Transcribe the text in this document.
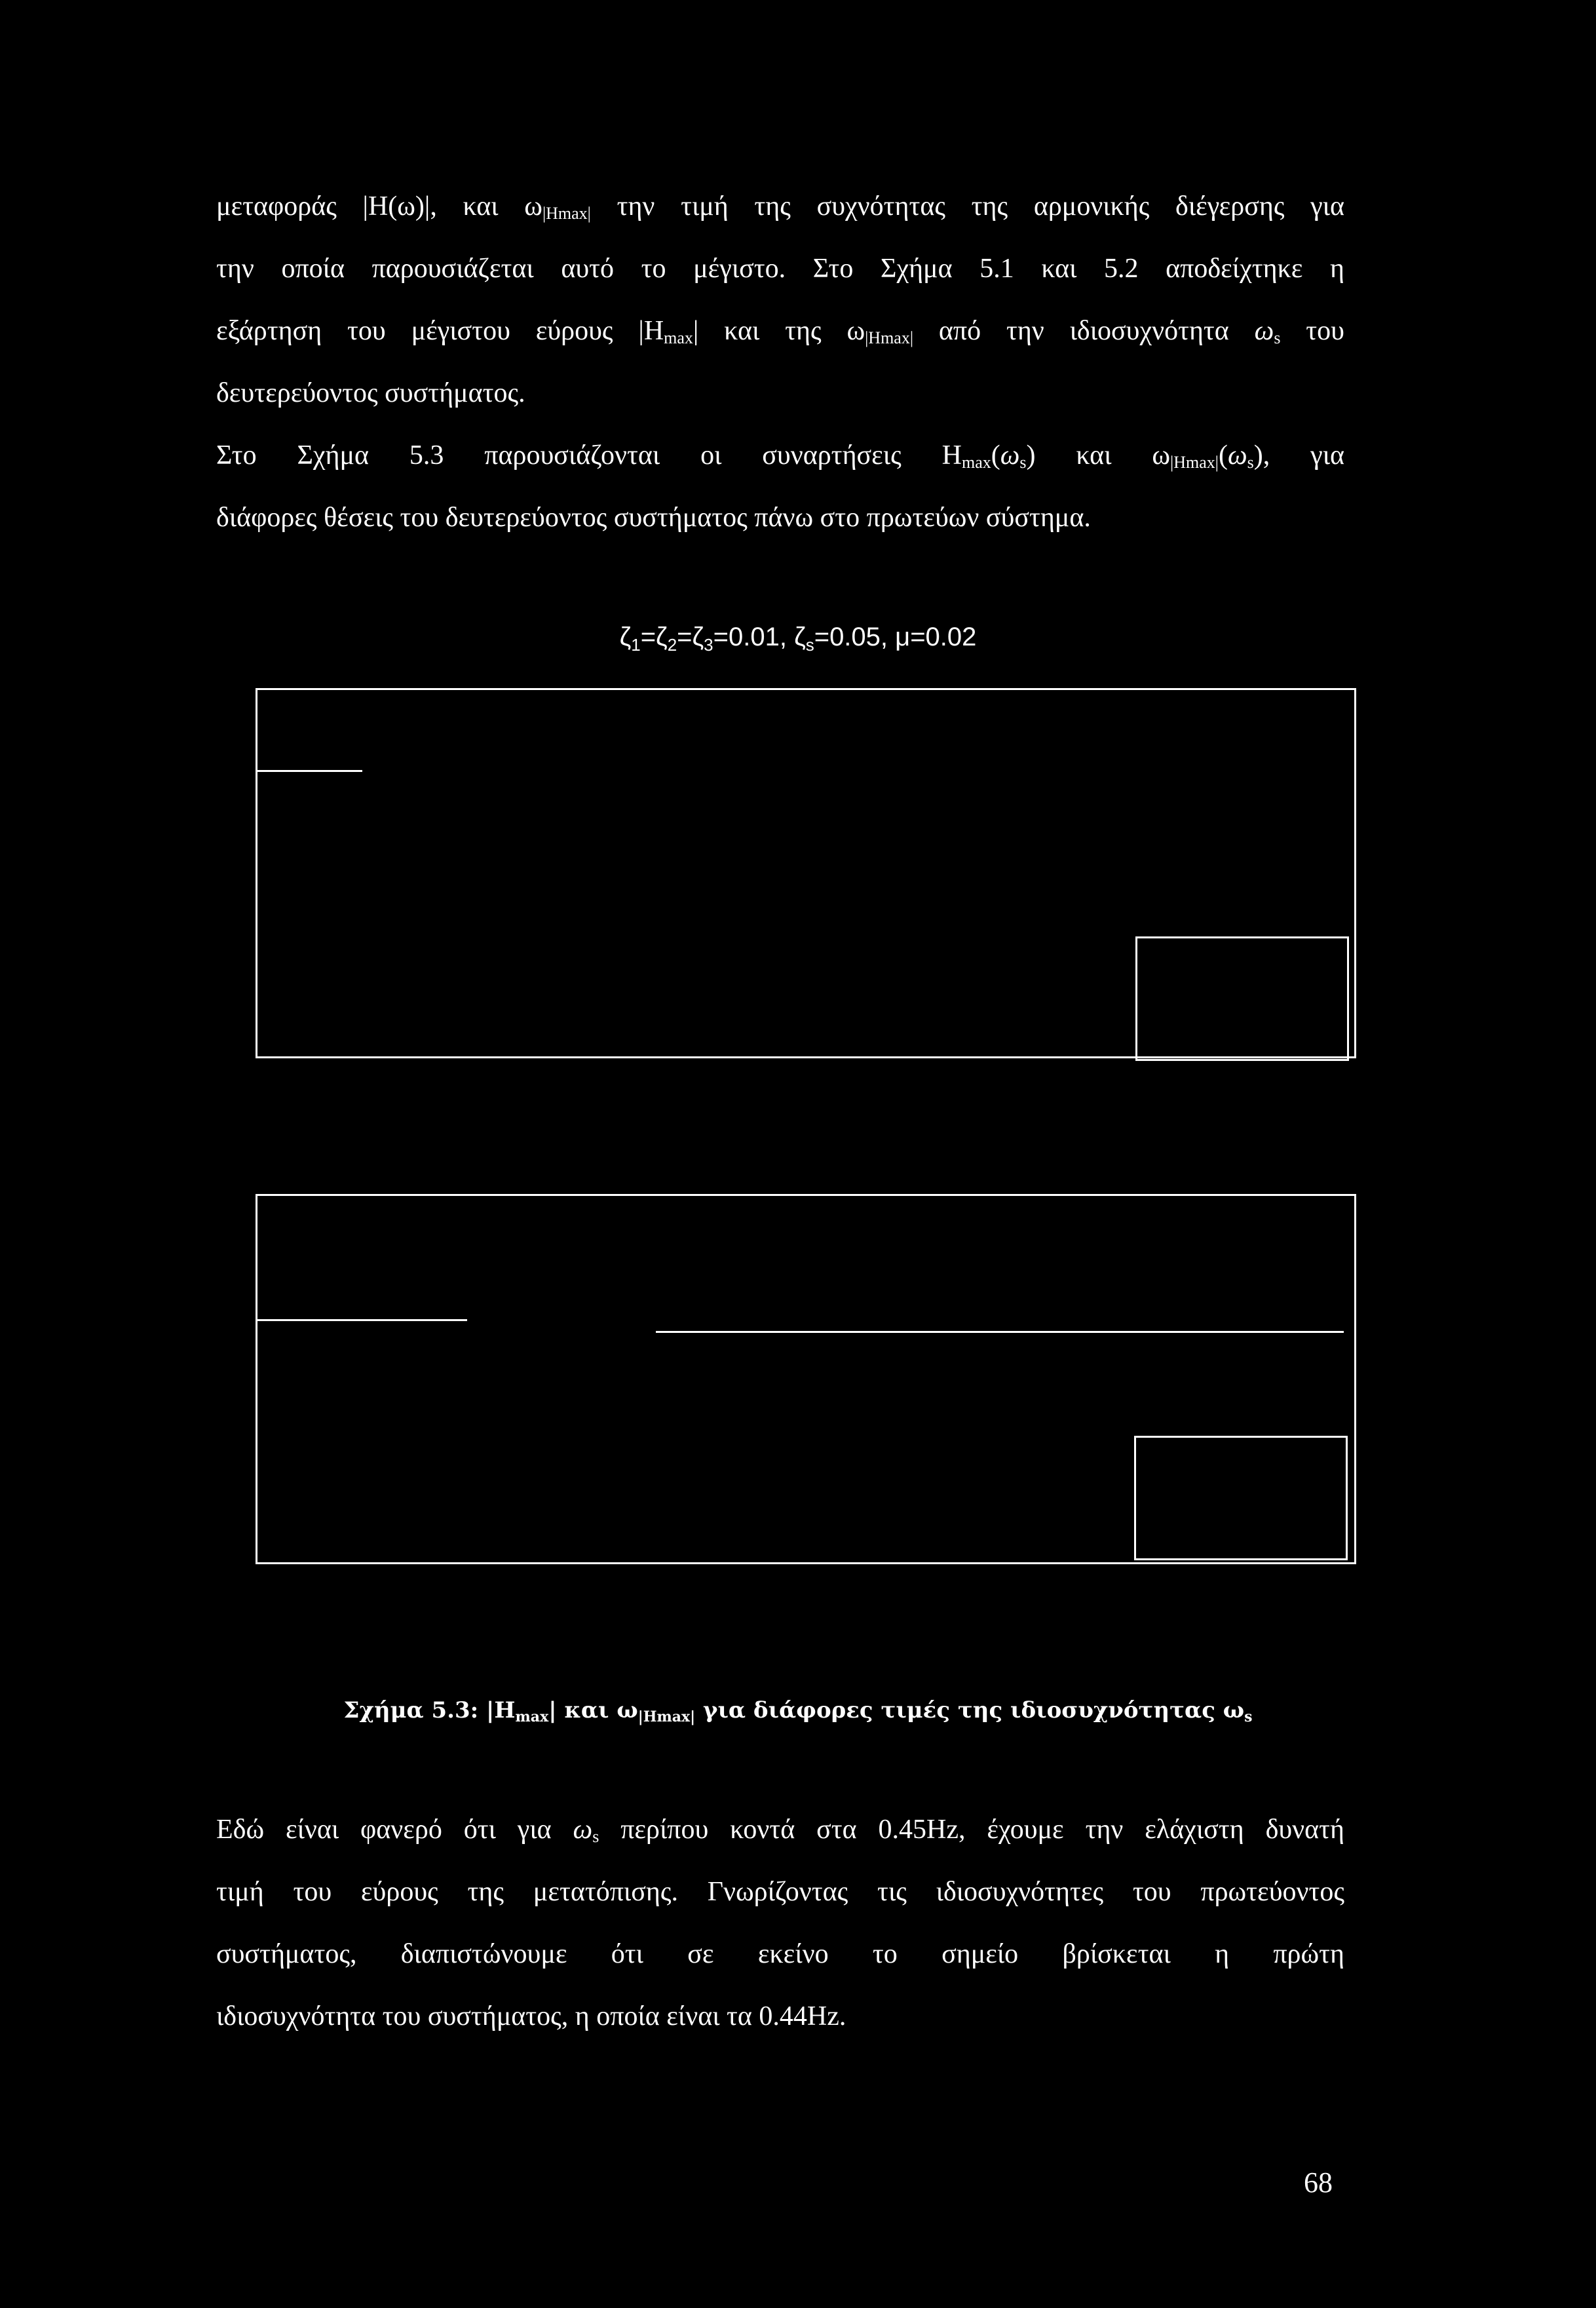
μεταφοράς |H(ω)|, και $\omega_{|Hmax|}$ την τιμή της συχνότητας της αρμονικής διέγερσης για
την οποία παρουσιάζεται αυτό το μέγιστο. Στο Σχήμα 5.1 και 5.2 αποδείχτηκε η
εξάρτηση του μέγιστου εύρους $|H_{max}|$ και της $\omega_{|Hmax|}$ από την ιδιοσυχνότητα $\omega_s$ του
δευτερεύοντος συστήματος.
Στο Σχήμα 5.3 παρουσιάζονται οι συναρτήσεις $H_{max}(\omega_s)$ και $\omega_{|Hmax|}(\omega_s)$, για
διάφορες θέσεις του δευτερεύοντος συστήματος πάνω στο πρωτεύων σύστημα.
$\zeta_1=\zeta_2=\zeta_3=0.01$, $\zeta_s=0.05$, μ=0.02
Σχήμα 5.3: $|H_{max}|$ και $\omega_{|Hmax|}$ για διάφορες τιμές της ιδιοσυχνότητας $\omega_s$
Εδώ είναι φανερό ότι για $\omega_s$ περίπου κοντά στα 0.45Hz, έχουμε την ελάχιστη δυνατή
τιμή του εύρους της μετατόπισης. Γνωρίζοντας τις ιδιοσυχνότητες του πρωτεύοντος
συστήματος, διαπιστώνουμε ότι σε εκείνο το σημείο βρίσκεται η πρώτη
ιδιοσυχνότητα του συστήματος, η οποία είναι τα 0.44Hz.
68
